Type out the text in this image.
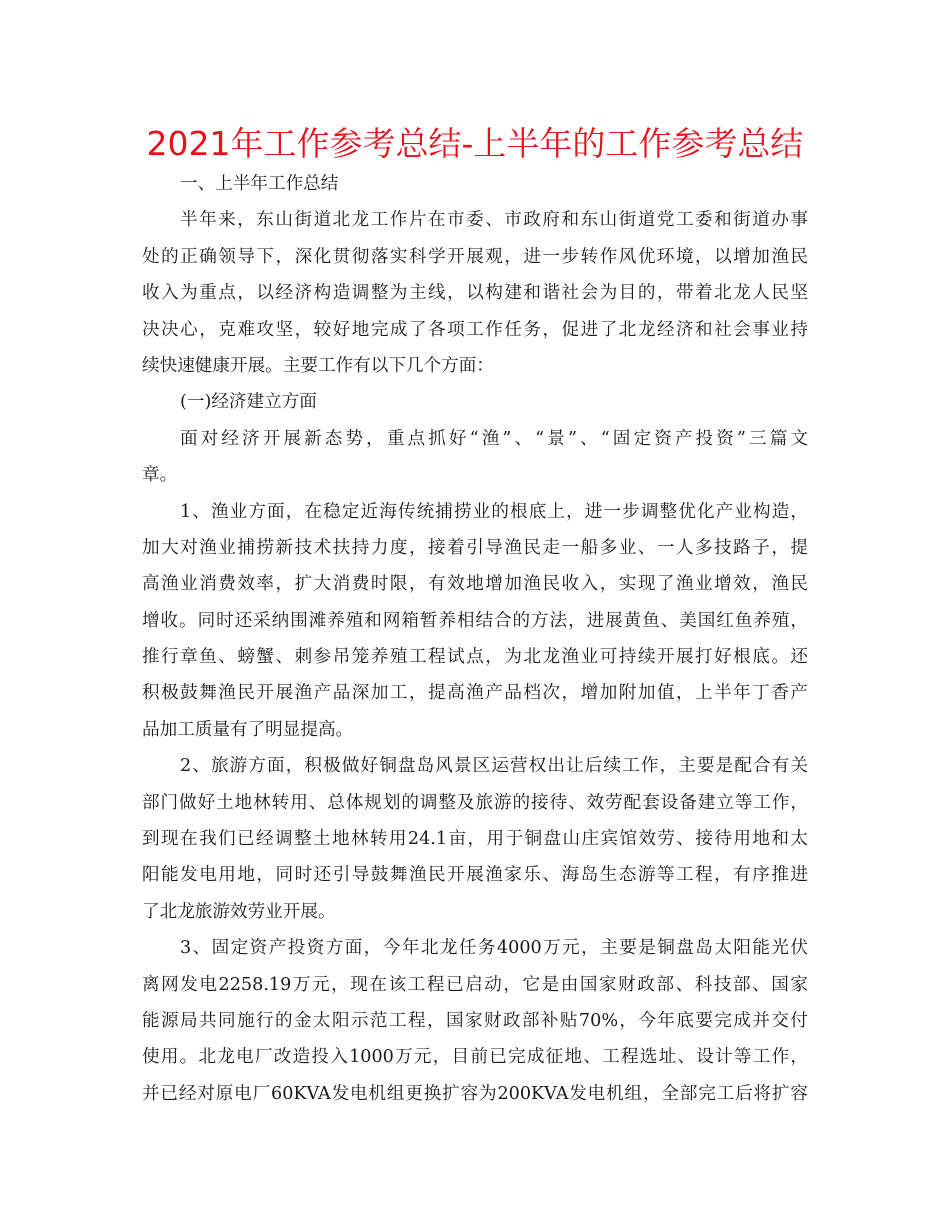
2021年工作参考总结-上半年的工作参考总结
一、上半年工作总结
半年来，东山街道北龙工作片在市委、市政府和东山街道党工委和街道办事
处的正确领导下，深化贯彻落实科学开展观，进一步转作风优环境，以增加渔民
收入为重点，以经济构造调整为主线，以构建和谐社会为目的，带着北龙人民坚
决决心，克难攻坚，较好地完成了各项工作任务，促进了北龙经济和社会事业持
续快速健康开展。主要工作有以下几个方面：
(一)经济建立方面
面对经济开展新态势，重点抓好“渔”、“景”、“固定资产投资”三篇文
章。
1、渔业方面，在稳定近海传统捕捞业的根底上，进一步调整优化产业构造，
加大对渔业捕捞新技术扶持力度，接着引导渔民走一船多业、一人多技路子，提
高渔业消费效率，扩大消费时限，有效地增加渔民收入，实现了渔业增效，渔民
增收。同时还采纳围滩养殖和网箱暂养相结合的方法，进展黄鱼、美国红鱼养殖，
推行章鱼、螃蟹、刺参吊笼养殖工程试点，为北龙渔业可持续开展打好根底。还
积极鼓舞渔民开展渔产品深加工，提高渔产品档次，增加附加值，上半年丁香产
品加工质量有了明显提高。
2、旅游方面，积极做好铜盘岛风景区运营权出让后续工作，主要是配合有关
部门做好土地林转用、总体规划的调整及旅游的接待、效劳配套设备建立等工作，
到现在我们已经调整土地林转用24.1亩，用于铜盘山庄宾馆效劳、接待用地和太
阳能发电用地，同时还引导鼓舞渔民开展渔家乐、海岛生态游等工程，有序推进
了北龙旅游效劳业开展。
3、固定资产投资方面，今年北龙任务4000万元，主要是铜盘岛太阳能光伏
离网发电2258.19万元，现在该工程已启动，它是由国家财政部、科技部、国家
能源局共同施行的金太阳示范工程，国家财政部补贴70%，今年底要完成并交付
使用。北龙电厂改造投入1000万元，目前已完成征地、工程选址、设计等工作，
并已经对原电厂60KVA发电机组更换扩容为200KVA发电机组，全部完工后将扩容
